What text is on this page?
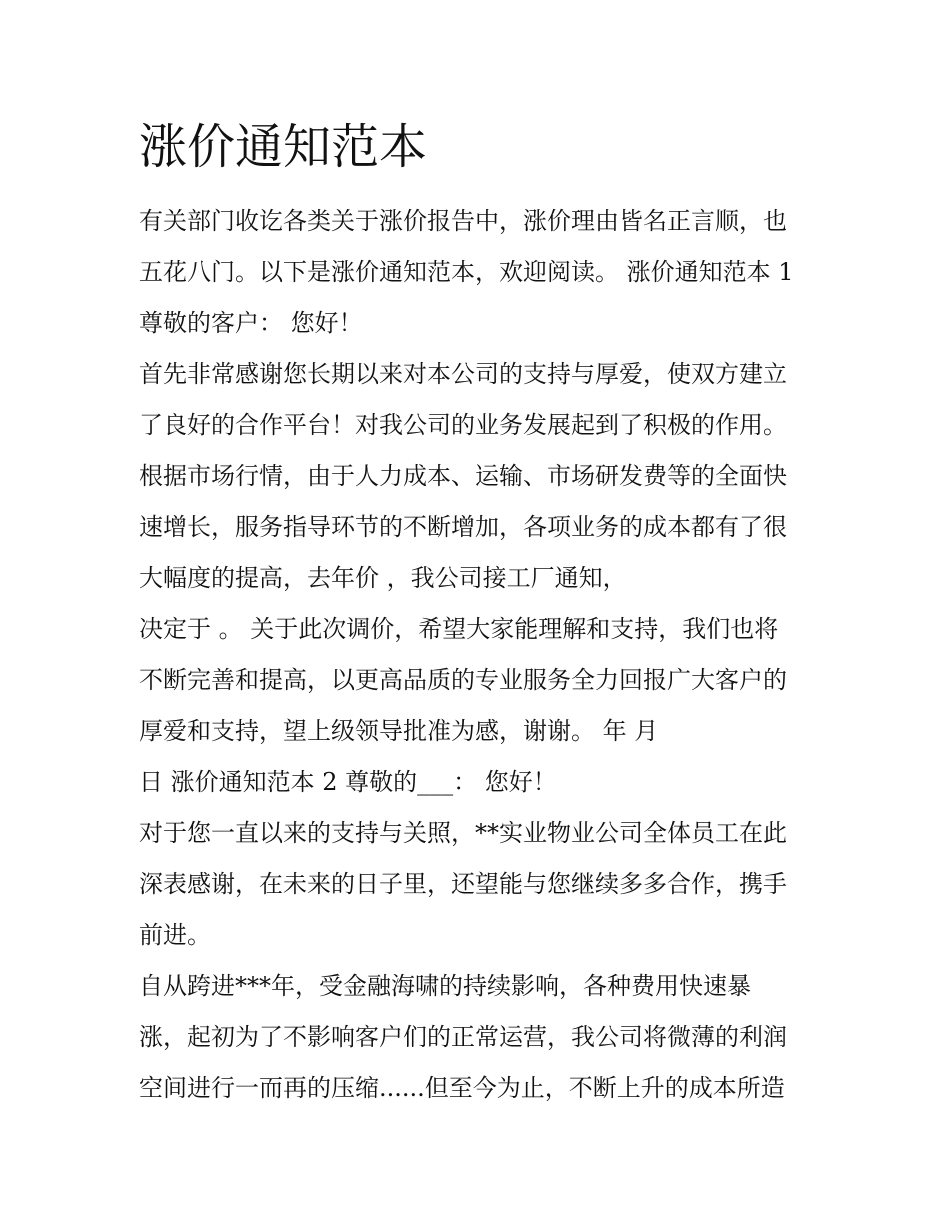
涨价通知范本
有关部门收讫各类关于涨价报告中，涨价理由皆名正言顺，也
五花八门。以下是涨价通知范本，欢迎阅读。 涨价通知范本 1
尊敬的客户： 您好！
首先非常感谢您长期以来对本公司的支持与厚爱，使双方建立
了良好的合作平台！对我公司的业务发展起到了积极的作用。
根据市场行情，由于人力成本、运输、市场研发费等的全面快
速增长，服务指导环节的不断增加，各项业务的成本都有了很
大幅度的提高，去年价 ，我公司接工厂通知，
决定于 。 关于此次调价，希望大家能理解和支持，我们也将
不断完善和提高，以更高品质的专业服务全力回报广大客户的
厚爱和支持，望上级领导批准为感，谢谢。 年 月
日 涨价通知范本 2 尊敬的___： 您好！
对于您一直以来的支持与关照，**实业物业公司全体员工在此
深表感谢，在未来的日子里，还望能与您继续多多合作，携手
前进。
自从跨进***年，受金融海啸的持续影响，各种费用快速暴
涨，起初为了不影响客户们的正常运营，我公司将微薄的利润
空间进行一而再的压缩......但至今为止，不断上升的成本所造
